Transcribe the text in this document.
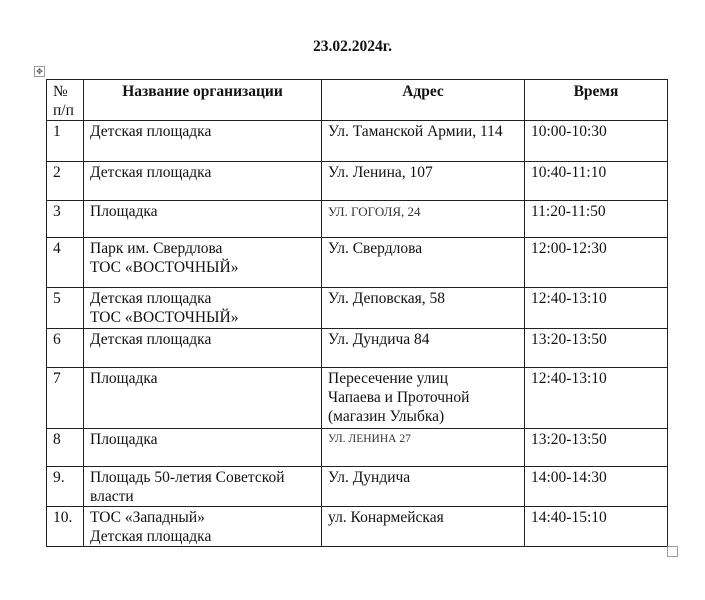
23.02.2024г.
✥
№
п/п	Название организации	Адрес	Время
1	Детская площадка	Ул. Таманской Армии, 114	10:00-10:30
2	Детская площадка	Ул. Ленина, 107	10:40-11:10
3	Площадка	УЛ. ГОГОЛЯ, 24	11:20-11:50
4	Парк им. Свердлова
ТОС «ВОСТОЧНЫЙ»	Ул. Свердлова	12:00-12:30
5	Детская площадка
ТОС «ВОСТОЧНЫЙ»	Ул. Деповская, 58	12:40-13:10
6	Детская площадка	Ул. Дундича 84	13:20-13:50
7	Площадка	Пересечение улиц
Чапаева и Проточной
(магазин Улыбка)	12:40-13:10
8	Площадка	УЛ. ЛЕНИНА 27	13:20-13:50
9.	Площадь 50-летия Советской
власти	Ул. Дундича	14:00-14:30
10.	ТОС «Западный»
Детская площадка	ул. Конармейская	14:40-15:10
